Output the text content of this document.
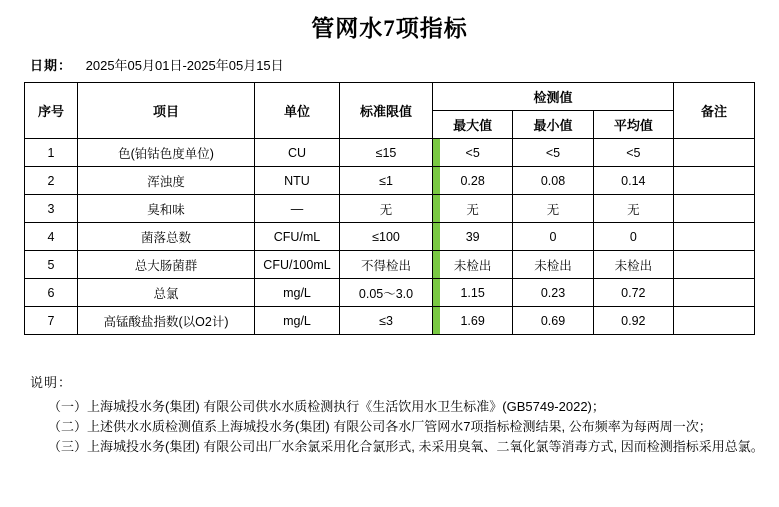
管网水7项指标
日期： 2025年05月01日-2025年05月15日
序号	项目	单位	标准限值	检测值			备注
				最大值	最小值	平均值	
1	色(铂钴色度单位)	CU	≤15	<5	<5	<5	
2	浑浊度	NTU	≤1	0.28	0.08	0.14	
3	臭和味	—	无	无	无	无	
4	菌落总数	CFU/mL	≤100	39	0	0	
5	总大肠菌群	CFU/100mL	不得检出	未检出	未检出	未检出	
6	总氯	mg/L	0.05～3.0	1.15	0.23	0.72	
7	高锰酸盐指数(以O2计)	mg/L	≤3	1.69	0.69	0.92	
说明：

（一）上海城投水务(集团) 有限公司供水水质检测执行《生活饮用水卫生标准》(GB5749-2022)；

（二）上述供水水质检测值系上海城投水务(集团) 有限公司各水厂管网水7项指标检测结果, 公布频率为每两周一次；

（三）上海城投水务(集团) 有限公司出厂水余氯采用化合氯形式, 未采用臭氧、二氧化氯等消毒方式, 因而检测指标采用总氯。
